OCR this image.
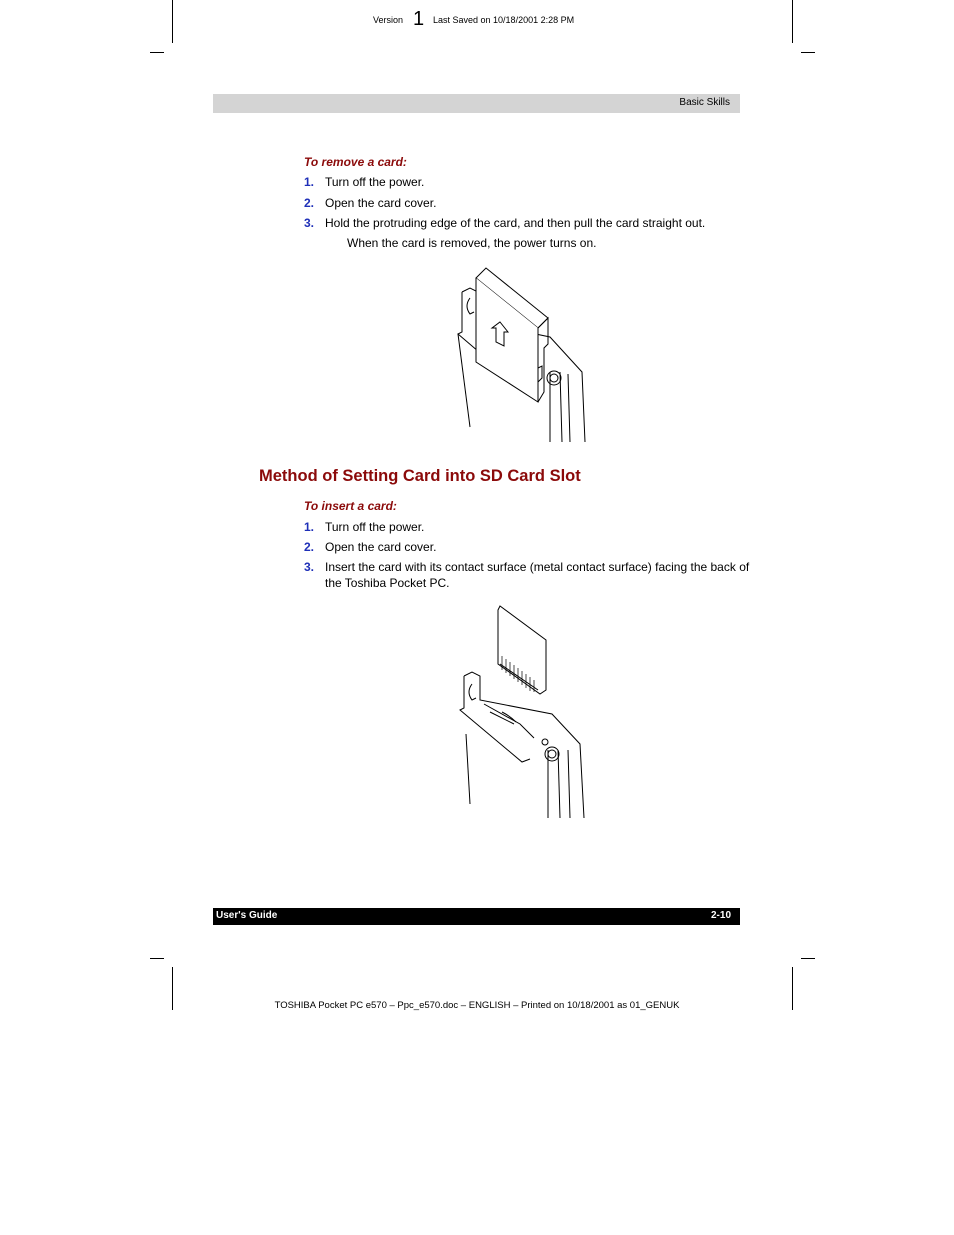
Version 1 Last Saved on 10/18/2001 2:28 PM
Basic Skills
To remove a card:
1. Turn off the power.
2. Open the card cover.
3. Hold the protruding edge of the card, and then pull the card straight out.
When the card is removed, the power turns on.
Method of Setting Card into SD Card Slot
To insert a card:
1. Turn off the power.
2. Open the card cover.
3. Insert the card with its contact surface (metal contact surface) facing the back of
the Toshiba Pocket PC.
User's Guide	2-10
TOSHIBA Pocket PC e570 – Ppc_e570.doc – ENGLISH – Printed on 10/18/2001 as 01_GENUK
